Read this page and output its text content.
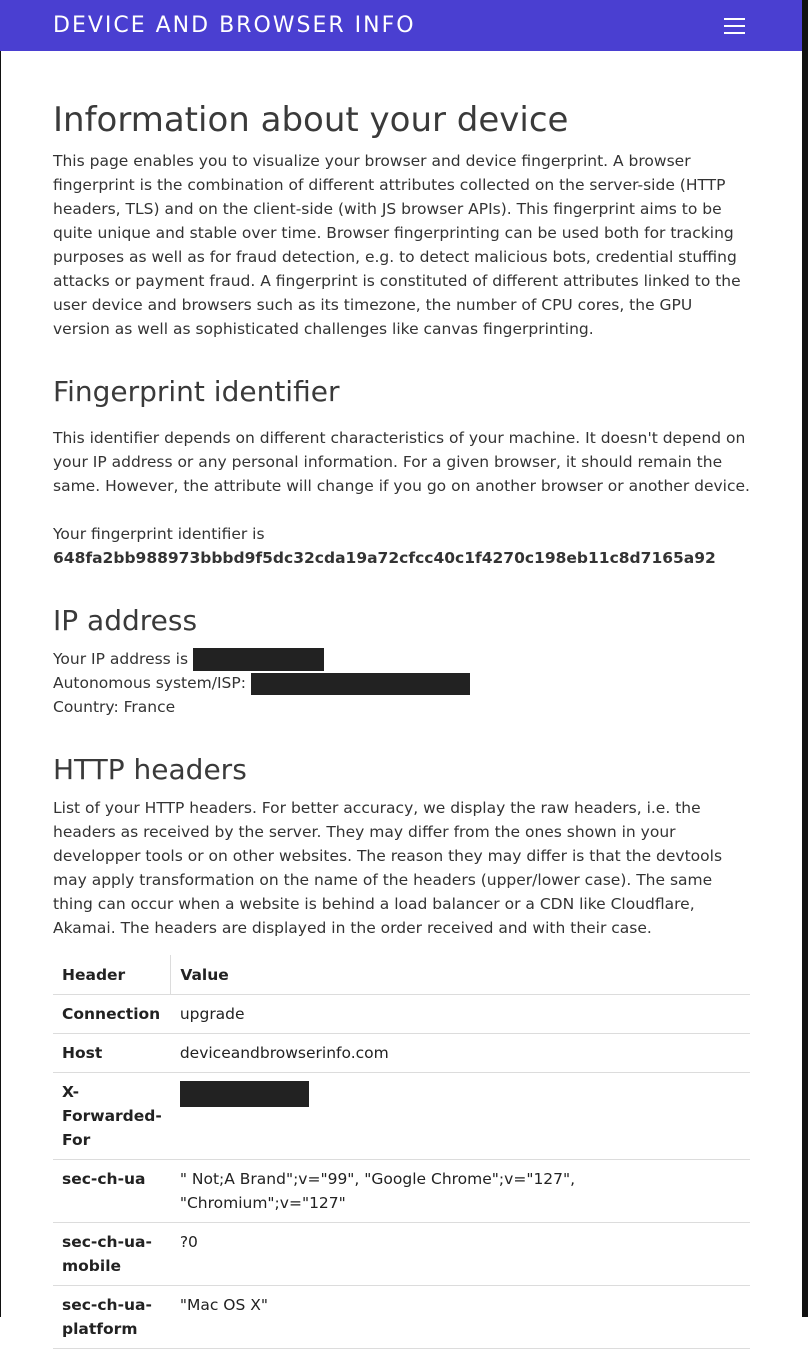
DEVICE AND BROWSER INFO
Information about your device

This page enables you to visualize your browser and device fingerprint. A browser fingerprint is the combination of different attributes collected on the server-side (HTTP headers, TLS) and on the client-side (with JS browser APIs). This fingerprint aims to be quite unique and stable over time. Browser fingerprinting can be used both for tracking purposes as well as for fraud detection, e.g. to detect malicious bots, credential stuffing attacks or payment fraud. A fingerprint is constituted of different attributes linked to the user device and browsers such as its timezone, the number of CPU cores, the GPU version as well as sophisticated challenges like canvas fingerprinting.

Fingerprint identifier

This identifier depends on different characteristics of your machine. It doesn't depend on your IP address or any personal information. For a given browser, it should remain the same. However, the attribute will change if you go on another browser or another device.

Your fingerprint identifier is
648fa2bb988973bbbd9f5dc32cda19a72cfcc40c1f4270c198eb11c8d7165a92
IP address
Your IP address is
Autonomous system/ISP:
Country: France
HTTP headers

List of your HTTP headers. For better accuracy, we display the raw headers, i.e. the headers as received by the server. They may differ from the ones shown in your developper tools or on other websites. The reason they may differ is that the devtools may apply transformation on the name of the headers (upper/lower case). The same thing can occur when a website is behind a load balancer or a CDN like Cloudflare, Akamai. The headers are displayed in the order received and with their case.

Header	Value
Connection	upgrade
Host	deviceandbrowserinfo.com
X-Forwarded-For	
sec-ch-ua	" Not;A Brand";v="99", "Google Chrome";v="127", "Chromium";v="127"
sec-ch-ua-mobile	?0
sec-ch-ua-platform	"Mac OS X"
